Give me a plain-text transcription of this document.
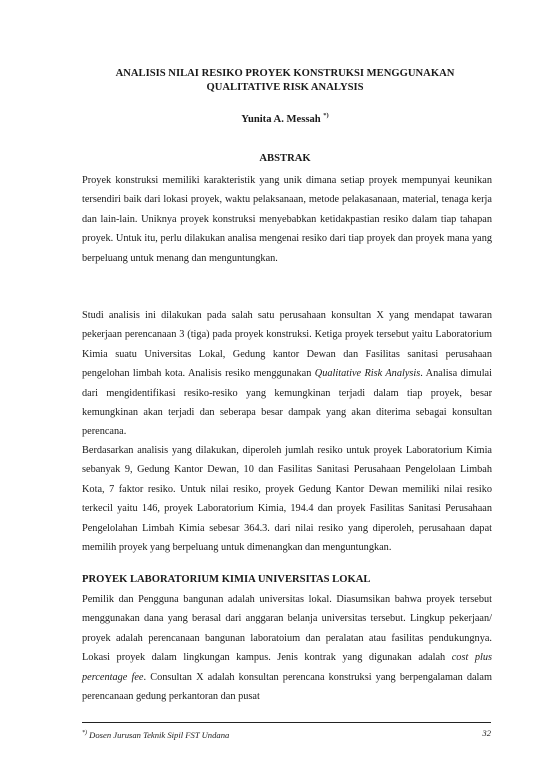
ANALISIS NILAI RESIKO PROYEK KONSTRUKSI MENGGUNAKAN
QUALITATIVE RISK ANALYSIS
Yunita A. Messah *)
ABSTRAK

Proyek konstruksi memiliki karakteristik yang unik dimana setiap proyek mempunyai keunikan tersendiri baik dari lokasi proyek, waktu pelaksanaan, metode pelakasanaan, material, tenaga kerja dan lain-lain. Uniknya proyek konstruksi menyebabkan ketidakpastian resiko dalam tiap tahapan proyek. Untuk itu, perlu dilakukan analisa mengenai resiko dari tiap proyek dan proyek mana yang berpeluang untuk menang dan menguntungkan.

Studi analisis ini dilakukan pada salah satu perusahaan konsultan X yang mendapat tawaran pekerjaan perencanaan 3 (tiga) pada proyek konstruksi. Ketiga proyek tersebut yaitu Laboratorium Kimia suatu Universitas Lokal, Gedung kantor Dewan dan Fasilitas sanitasi perusahaan pengelohan limbah kota. Analisis resiko menggunakan Qualitative Risk Analysis. Analisa dimulai dari mengidentifikasi resiko-resiko yang kemungkinan terjadi dalam tiap proyek, besar kemungkinan akan terjadi dan seberapa besar dampak yang akan diterima sebagai konsultan perencana.

Berdasarkan analisis yang dilakukan, diperoleh jumlah resiko untuk proyek Laboratorium Kimia sebanyak 9, Gedung Kantor Dewan, 10 dan Fasilitas Sanitasi Perusahaan Pengelolaan Limbah Kota, 7 faktor resiko. Untuk nilai resiko, proyek Gedung Kantor Dewan memiliki nilai resiko terkecil yaitu 146, proyek Laboratorium Kimia, 194.4 dan proyek Fasilitas Sanitasi Perusahaan Pengelolahan Limbah Kimia sebesar 364.3. dari nilai resiko yang diperoleh, perusahaan dapat memilih proyek yang berpeluang untuk dimenangkan dan menguntungkan.

PROYEK LABORATORIUM KIMIA UNIVERSITAS LOKAL

Pemilik dan Pengguna bangunan adalah universitas lokal. Diasumsikan bahwa proyek tersebut menggunakan dana yang berasal dari anggaran belanja universitas tersebut. Lingkup pekerjaan/ proyek adalah perencanaan bangunan laboratoium dan peralatan atau fasilitas pendukungnya. Lokasi proyek dalam lingkungan kampus. Jenis kontrak yang digunakan adalah cost plus percentage fee. Consultan X adalah konsultan perencana konstruksi yang berpengalaman dalam perencanaan gedung perkantoran dan pusat

*) Dosen Jurusan Teknik Sipil FST Undana	32
